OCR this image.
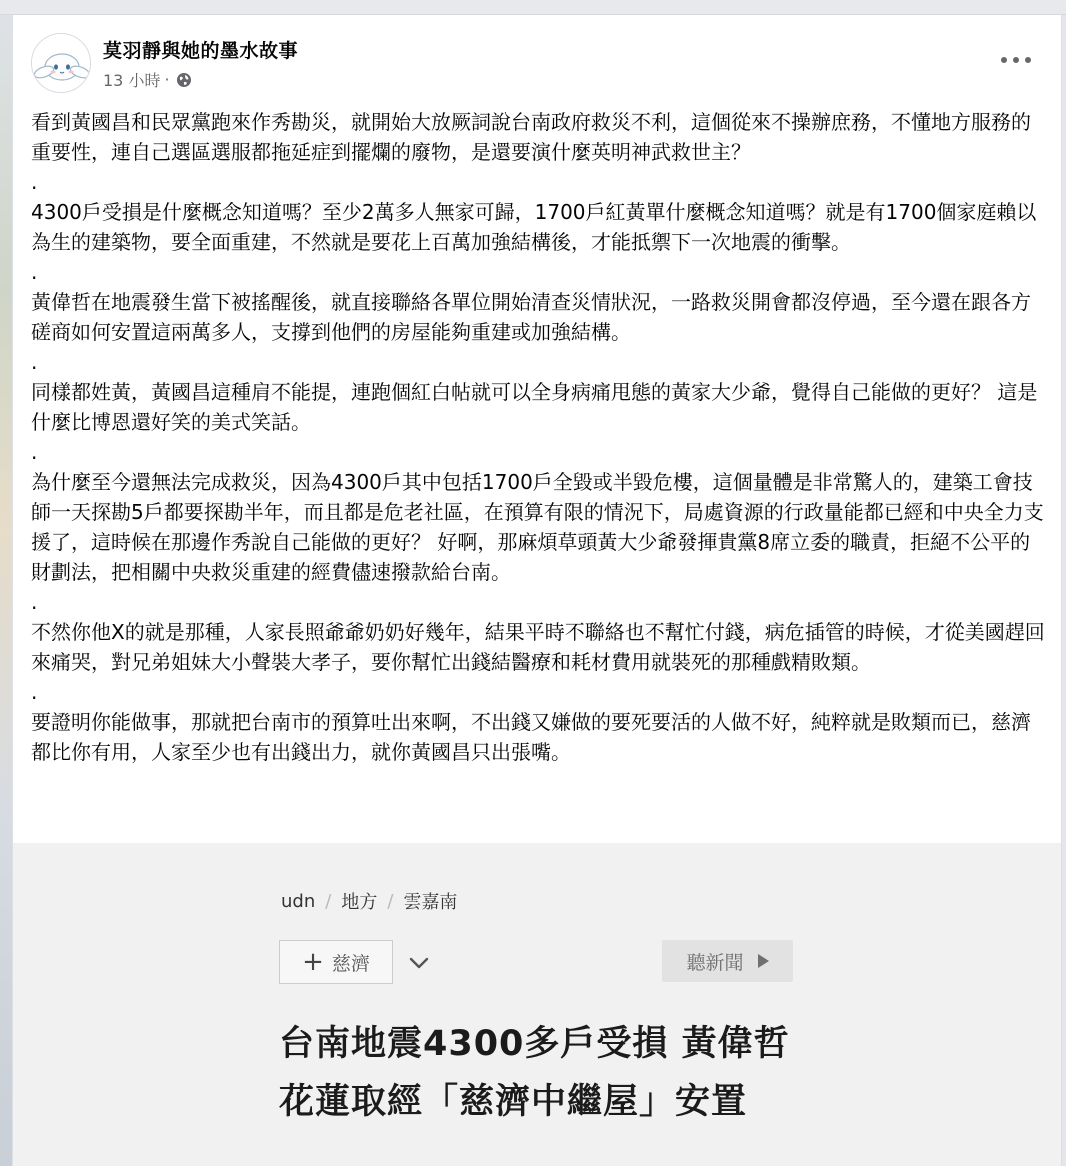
莫羽靜與她的墨水故事
13 小時 ·

看到黃國昌和民眾黨跑來作秀勘災，就開始大放厥詞說台南政府救災不利，這個從來不操辦庶務，不懂地方服務的重要性，連自己選區選服都拖延症到擺爛的廢物，是還要演什麼英明神武救世主？

.

4300戶受損是什麼概念知道嗎？至少2萬多人無家可歸，1700戶紅黃單什麼概念知道嗎？就是有1700個家庭賴以為生的建築物，要全面重建，不然就是要花上百萬加強結構後，才能抵禦下一次地震的衝擊。

.

黃偉哲在地震發生當下被搖醒後，就直接聯絡各單位開始清查災情狀況，一路救災開會都沒停過，至今還在跟各方磋商如何安置這兩萬多人，支撐到他們的房屋能夠重建或加強結構。

.

同樣都姓黃，黃國昌這種肩不能提，連跑個紅白帖就可以全身病痛甩態的黃家大少爺，覺得自己能做的更好？ 這是什麼比博恩還好笑的美式笑話。

.

為什麼至今還無法完成救災，因為4300戶其中包括1700戶全毀或半毀危樓，這個量體是非常驚人的，建築工會技師一天探勘5戶都要探勘半年，而且都是危老社區，在預算有限的情況下，局處資源的行政量能都已經和中央全力支援了，這時候在那邊作秀說自己能做的更好？ 好啊，那麻煩草頭黃大少爺發揮貴黨8席立委的職責，拒絕不公平的財劃法，把相關中央救災重建的經費儘速撥款給台南。

.

不然你他X的就是那種，人家長照爺爺奶奶好幾年，結果平時不聯絡也不幫忙付錢，病危插管的時候，才從美國趕回來痛哭，對兄弟姐妹大小聲裝大孝子，要你幫忙出錢結醫療和耗材費用就裝死的那種戲精敗類。

.

要證明你能做事，那就把台南市的預算吐出來啊，不出錢又嫌做的要死要活的人做不好，純粹就是敗類而已，慈濟都比你有用，人家至少也有出錢出力，就你黃國昌只出張嘴。

udn / 地方 / 雲嘉南
+ 慈濟	聽新聞
台南地震4300多戶受損 黃偉哲花蓮取經「慈濟中繼屋」安置
